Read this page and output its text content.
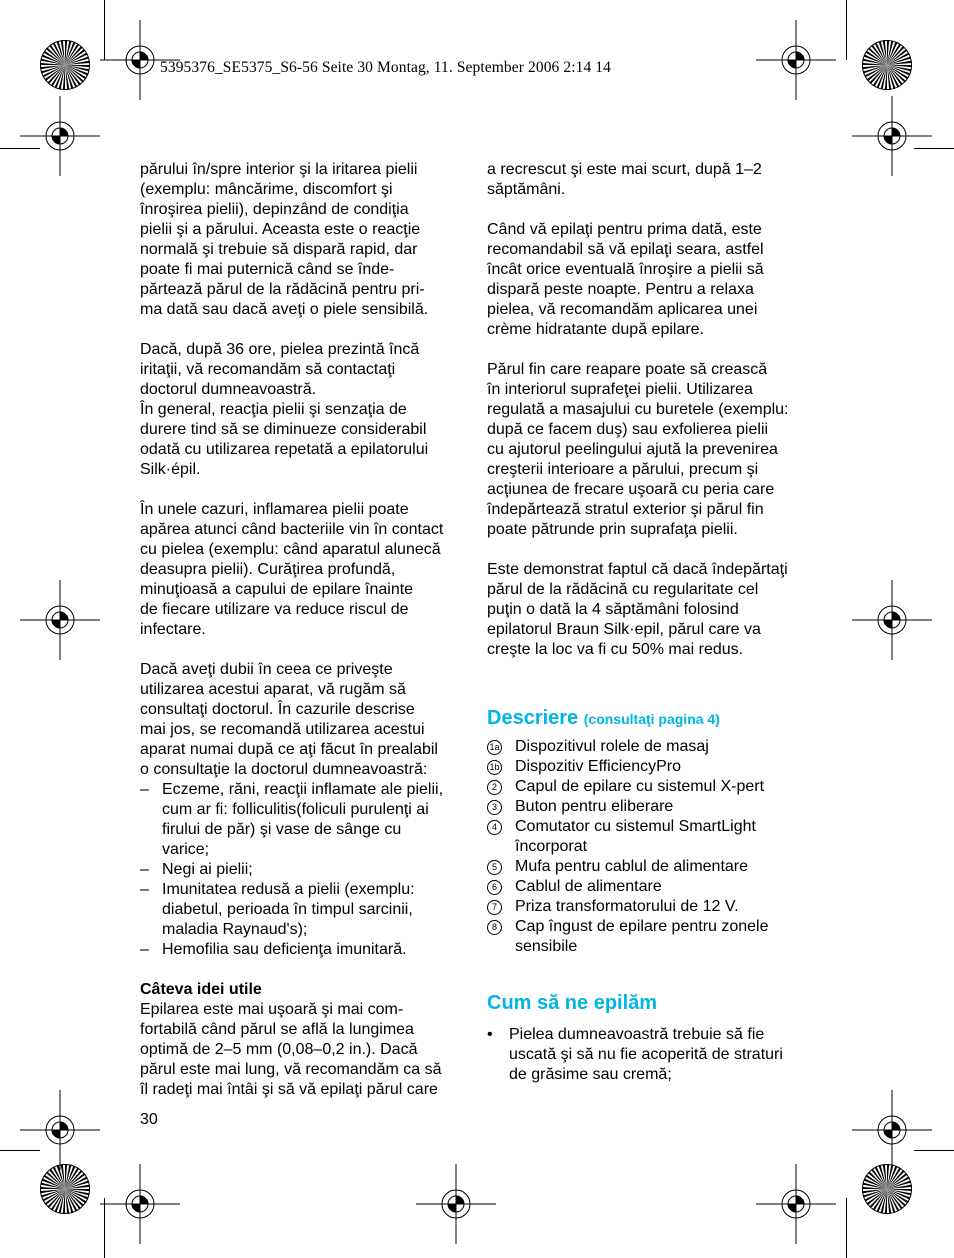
5395376_SE5375_S6-56 Seite 30 Montag, 11. September 2006 2:14 14
părului în/spre interior şi la iritarea pielii
(exemplu: mâncărime, discomfort şi
înroşirea pielii), depinzând de condiţia
pielii şi a părului. Aceasta este o reacţie
normală şi trebuie să dispară rapid, dar
poate fi mai puternică când se înde-
părtează părul de la rădăcină pentru pri-
ma dată sau dacă aveţi o piele sensibilă.
Dacă, după 36 ore, pielea prezintă încă
iritaţii, vă recomandăm să contactaţi
doctorul dumneavoastră.
În general, reacţia pielii şi senzaţia de
durere tind să se diminueze considerabil
odată cu utilizarea repetată a epilatorului
Silk·épil.
În unele cazuri, inflamarea pielii poate
apărea atunci când bacteriile vin în contact
cu pielea (exemplu: când aparatul alunecă
deasupra pielii). Curăţirea profundă,
minuţioasă a capului de epilare înainte
de fiecare utilizare va reduce riscul de
infectare.
Dacă aveţi dubii în ceea ce priveşte
utilizarea acestui aparat, vă rugăm să
consultaţi doctorul. În cazurile descrise
mai jos, se recomandă utilizarea acestui
aparat numai după ce aţi făcut în prealabil
o consultaţie la doctorul dumneavoastră:
– Eczeme, răni, reacţii inflamate ale pielii,
cum ar fi: folliculitis(foliculi purulenţi ai
firului de păr) şi vase de sânge cu
varice;
– Negi ai pielii;
– Imunitatea redusă a pielii (exemplu:
diabetul, perioada în timpul sarcinii,
maladia Raynaud's);
– Hemofilia sau deficienţa imunitară.
Câteva idei utile
Epilarea este mai uşoară şi mai com-
fortabilă când părul se află la lungimea
optimă de 2–5 mm (0,08–0,2 in.). Dacă
părul este mai lung, vă recomandăm ca să
îl radeţi mai întâi şi să vă epilaţi părul care
a recrescut şi este mai scurt, după 1–2
săptămâni.
Când vă epilaţi pentru prima dată, este
recomandabil să vă epilaţi seara, astfel
încât orice eventuală înroşire a pielii să
dispară peste noapte. Pentru a relaxa
pielea, vă recomandăm aplicarea unei
crème hidratante după epilare.
Părul fin care reapare poate să crească
în interiorul suprafeţei pielii. Utilizarea
regulată a masajului cu buretele (exemplu:
după ce facem duş) sau exfolierea pielii
cu ajutorul peelingului ajută la prevenirea
creşterii interioare a părului, precum şi
acţiunea de frecare uşoară cu peria care
îndepărtează stratul exterior şi părul fin
poate pătrunde prin suprafaţa pielii.
Este demonstrat faptul că dacă îndepărtaţi
părul de la rădăcină cu regularitate cel
puţin o dată la 4 săptămâni folosind
epilatorul Braun Silk·epil, părul care va
creşte la loc va fi cu 50% mai redus.
Descriere (consultaţi pagina 4)
1a Dispozitivul rolele de masaj
1b Dispozitiv EfficiencyPro
2	Capul de epilare cu sistemul X-pert
3	Buton pentru eliberare
4	Comutator cu sistemul SmartLight
încorporat
5	Mufa pentru cablul de alimentare
6	Cablul de alimentare
7	Priza transformatorului de 12 V.
8	Cap îngust de epilare pentru zonele
sensibile
Cum să ne epilăm
• Pielea dumneavoastră trebuie să fie
uscată şi să nu fie acoperită de straturi
de grăsime sau cremă;
30
